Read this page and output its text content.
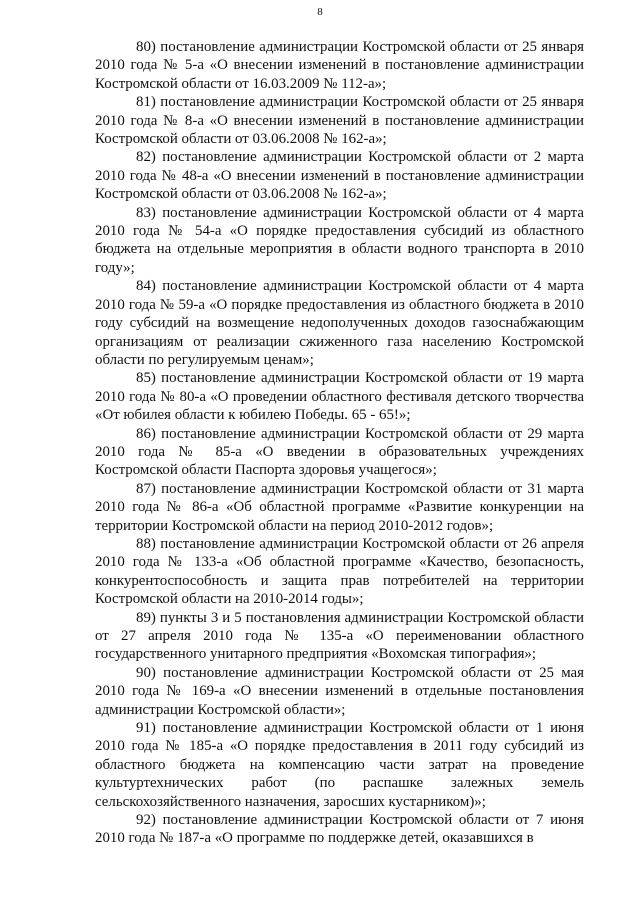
8

80) постановление администрации Костромской области от 25 января 2010 года № 5-а «О внесении изменений в постановление администрации Костромской области от 16.03.2009 № 112-а»;

81) постановление администрации Костромской области от 25 января 2010 года № 8-а «О внесении изменений в постановление администрации Костромской области от 03.06.2008 № 162-а»;

82) постановление администрации Костромской области от 2 марта 2010 года № 48-а «О внесении изменений в постановление администрации Костромской области от 03.06.2008 № 162-а»;

83) постановление администрации Костромской области от 4 марта 2010 года № 54-а «О порядке предоставления субсидий из областного бюджета на отдельные мероприятия в области водного транспорта в 2010 году»;

84) постановление администрации Костромской области от 4 марта 2010 года № 59-а «О порядке предоставления из областного бюджета в 2010 году субсидий на возмещение недополученных доходов газоснабжающим организациям от реализации сжиженного газа населению Костромской области по регулируемым ценам»;

85) постановление администрации Костромской области от 19 марта 2010 года № 80-а «О проведении областного фестиваля детского творчества «От юбилея области к юбилею Победы. 65 - 65!»;

86) постановление администрации Костромской области от 29 марта 2010 года № 85-а «О введении в образовательных учреждениях Костромской области Паспорта здоровья учащегося»;

87) постановление администрации Костромской области от 31 марта 2010 года № 86-а «Об областной программе «Развитие конкуренции на территории Костромской области на период 2010-2012 годов»;

88) постановление администрации Костромской области от 26 апреля 2010 года № 133-а «Об областной программе «Качество, безопасность, конкурентоспособность и защита прав потребителей на территории Костромской области на 2010-2014 годы»;

89) пункты 3 и 5 постановления администрации Костромской области от 27 апреля 2010 года № 135-а «О переименовании областного государственного унитарного предприятия «Вохомская типография»;

90) постановление администрации Костромской области от 25 мая 2010 года № 169-а «О внесении изменений в отдельные постановления администрации Костромской области»;

91) постановление администрации Костромской области от 1 июня 2010 года № 185-а «О порядке предоставления в 2011 году субсидий из областного бюджета на компенсацию части затрат на проведение культуртехнических работ (по распашке залежных земель сельскохозяйственного назначения, заросших кустарником)»;

92) постановление администрации Костромской области от 7 июня 2010 года № 187-а «О программе по поддержке детей, оказавшихся в
